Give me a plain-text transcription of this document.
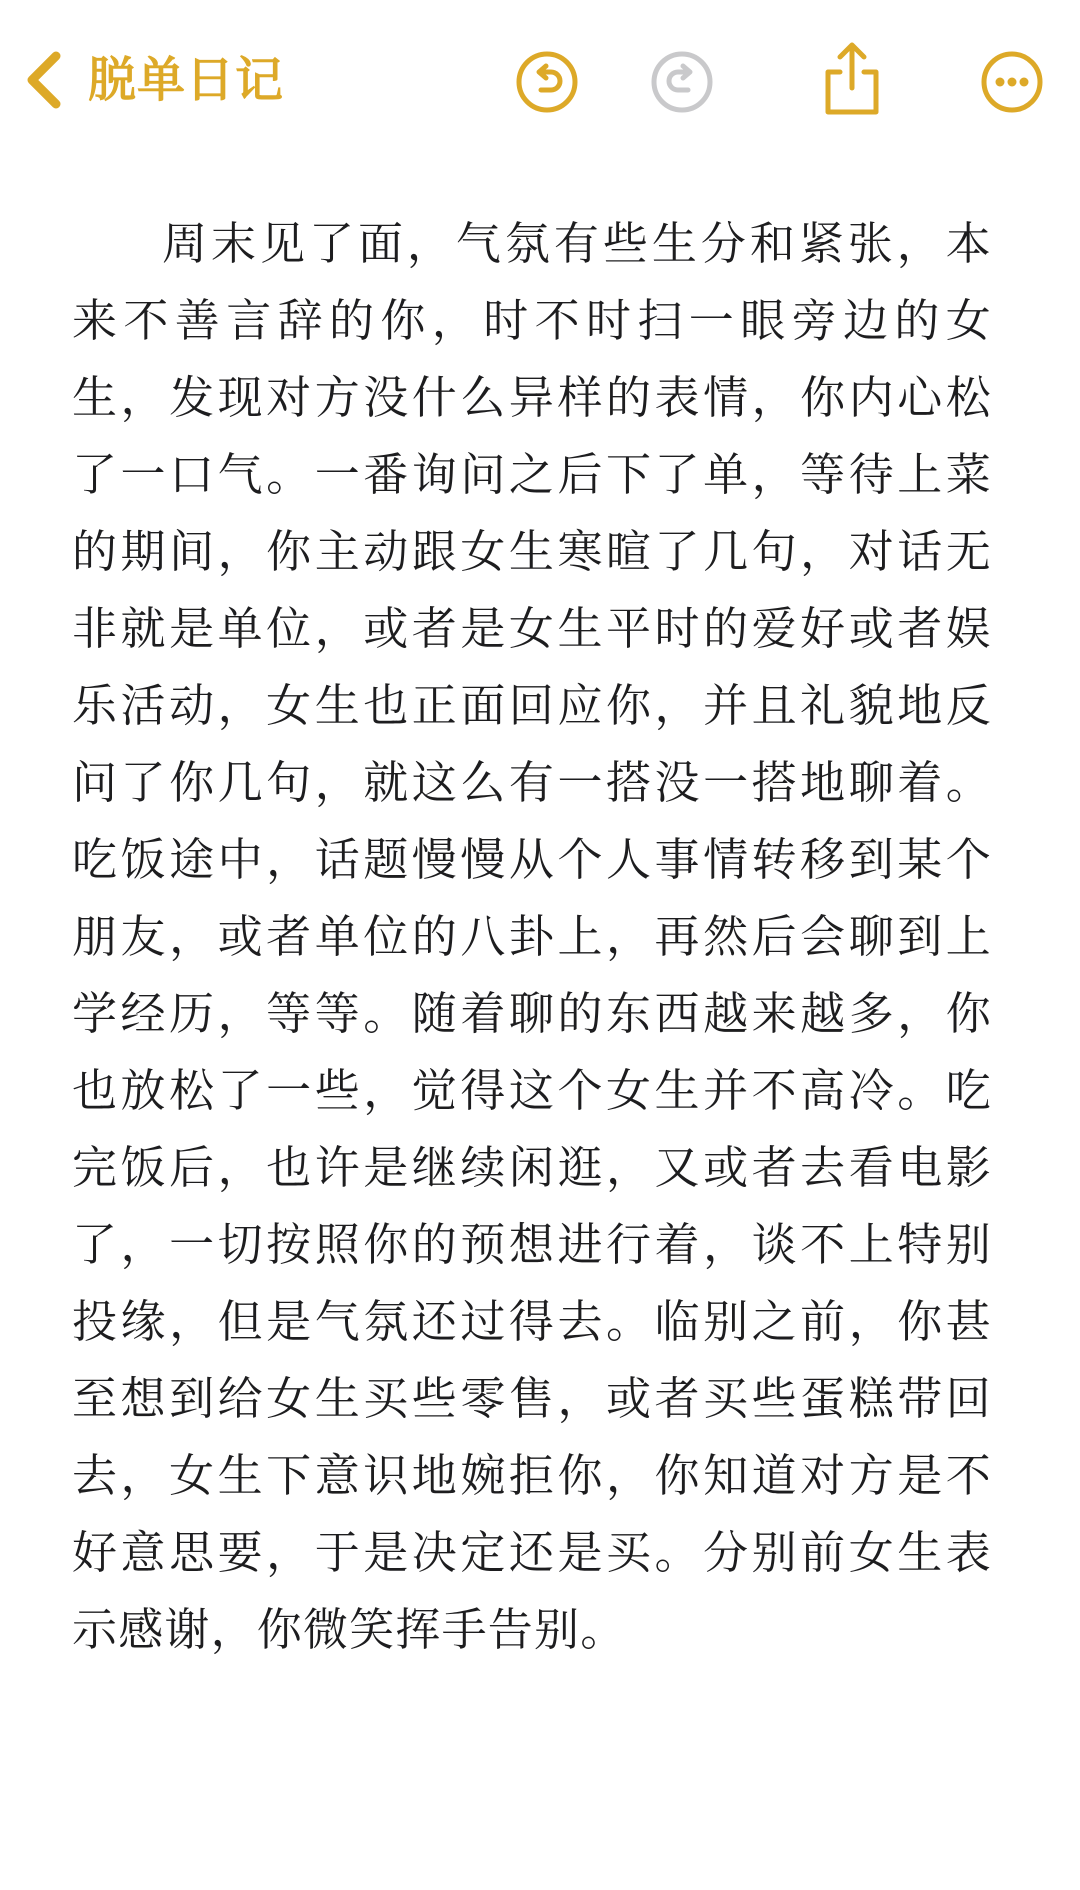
脱单日记

周末见了面，气氛有些生分和紧张，本来不善言辞的你，时不时扫一眼旁边的女生，发现对方没什么异样的表情，你内心松了一口气。一番询问之后下了单，等待上菜的期间，你主动跟女生寒暄了几句，对话无非就是单位，或者是女生平时的爱好或者娱乐活动，女生也正面回应你，并且礼貌地反问了你几句，就这么有一搭没一搭地聊着。吃饭途中，话题慢慢从个人事情转移到某个朋友，或者单位的八卦上，再然后会聊到上学经历，等等。随着聊的东西越来越多，你也放松了一些，觉得这个女生并不高冷。吃完饭后，也许是继续闲逛，又或者去看电影了，一切按照你的预想进行着，谈不上特别投缘，但是气氛还过得去。临别之前，你甚至想到给女生买些零售，或者买些蛋糕带回去，女生下意识地婉拒你，你知道对方是不好意思要，于是决定还是买。分别前女生表示感谢，你微笑挥手告别。
